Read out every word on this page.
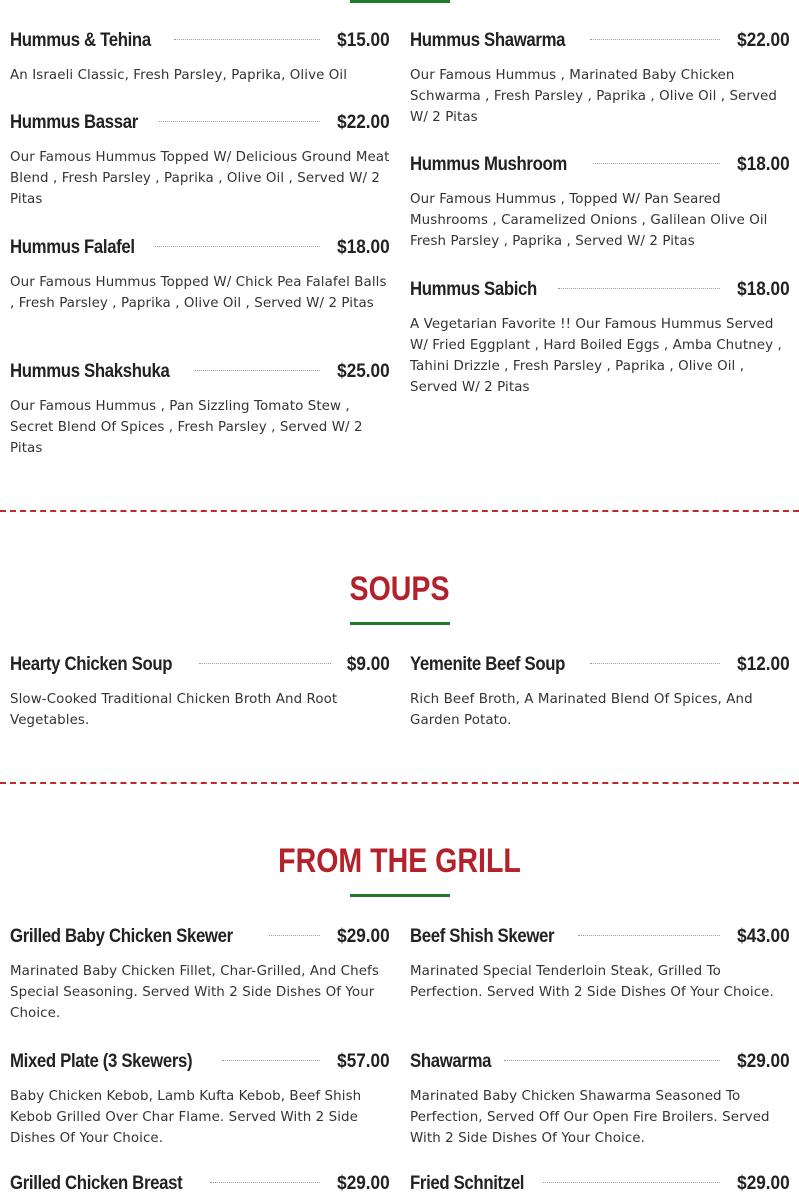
Hummus & Tehina	$15.00
An Israeli Classic, Fresh Parsley, Paprika, Olive Oil
Hummus Bassar	$22.00
Our Famous Hummus Topped W/ Delicious Ground Meat Blend , Fresh Parsley , Paprika , Olive Oil , Served W/ 2 Pitas
Hummus Falafel	$18.00
Our Famous Hummus Topped W/ Chick Pea Falafel Balls , Fresh Parsley , Paprika , Olive Oil , Served W/ 2 Pitas
Hummus Shakshuka	$25.00
Our Famous Hummus , Pan Sizzling Tomato Stew , Secret Blend Of Spices , Fresh Parsley , Served W/ 2 Pitas
Hummus Shawarma	$22.00
Our Famous Hummus , Marinated Baby Chicken Schwarma , Fresh Parsley , Paprika , Olive Oil , Served W/ 2 Pitas
Hummus Mushroom	$18.00
Our Famous Hummus , Topped W/ Pan Seared Mushrooms , Caramelized Onions , Galilean Olive Oil Fresh Parsley , Paprika , Served W/ 2 Pitas
Hummus Sabich	$18.00
A Vegetarian Favorite !! Our Famous Hummus Served W/ Fried Eggplant , Hard Boiled Eggs , Amba Chutney , Tahini Drizzle , Fresh Parsley , Paprika , Olive Oil , Served W/ 2 Pitas
SOUPS
Hearty Chicken Soup	$9.00
Slow-Cooked Traditional Chicken Broth And Root Vegetables.
Yemenite Beef Soup	$12.00
Rich Beef Broth, A Marinated Blend Of Spices, And Garden Potato.
FROM THE GRILL
Grilled Baby Chicken Skewer	$29.00
Marinated Baby Chicken Fillet, Char-Grilled, And Chefs Special Seasoning. Served With 2 Side Dishes Of Your Choice.
Beef Shish Skewer	$43.00
Marinated Special Tenderloin Steak, Grilled To Perfection. Served With 2 Side Dishes Of Your Choice.
Mixed Plate (3 Skewers)	$57.00
Baby Chicken Kebob, Lamb Kufta Kebob, Beef Shish Kebob Grilled Over Char Flame. Served With 2 Side Dishes Of Your Choice.
Shawarma	$29.00
Marinated Baby Chicken Shawarma Seasoned To Perfection, Served Off Our Open Fire Broilers. Served With 2 Side Dishes Of Your Choice.
Grilled Chicken Breast	$29.00 Fried Schnitzel	$29.00
